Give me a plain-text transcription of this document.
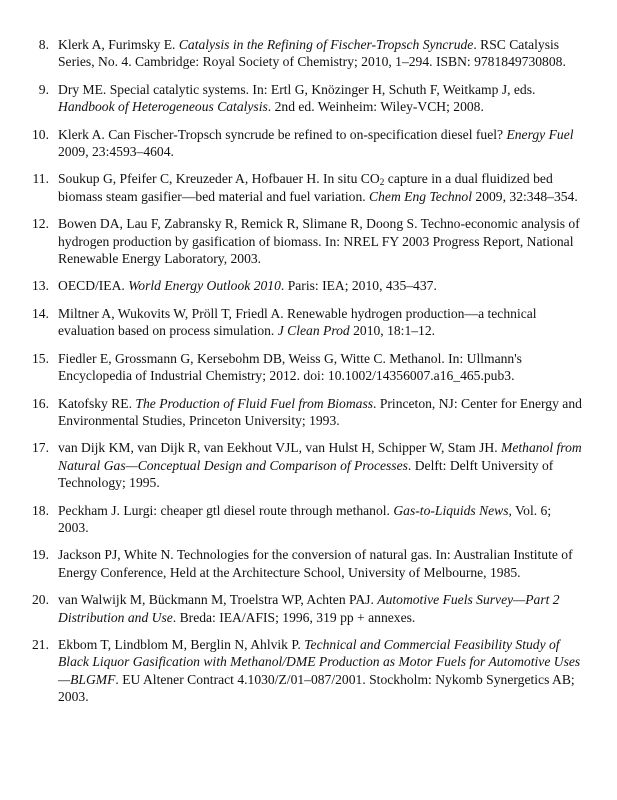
8. Klerk A, Furimsky E. Catalysis in the Refining of Fischer-Tropsch Syncrude. RSC Catalysis Series, No. 4. Cambridge: Royal Society of Chemistry; 2010, 1–294. ISBN: 9781849730808.
9. Dry ME. Special catalytic systems. In: Ertl G, Knözinger H, Schuth F, Weitkamp J, eds. Handbook of Heterogeneous Catalysis. 2nd ed. Weinheim: Wiley-VCH; 2008.
10. Klerk A. Can Fischer-Tropsch syncrude be refined to on-specification diesel fuel? Energy Fuel 2009, 23:4593–4604.
11. Soukup G, Pfeifer C, Kreuzeder A, Hofbauer H. In situ $CO_2$ capture in a dual fluidized bed biomass steam gasifier—bed material and fuel variation. Chem Eng Technol 2009, 32:348–354.
12. Bowen DA, Lau F, Zabransky R, Remick R, Slimane R, Doong S. Techno-economic analysis of hydrogen production by gasification of biomass. In: NREL FY 2003 Progress Report, National Renewable Energy Laboratory, 2003.
13. OECD/IEA. World Energy Outlook 2010. Paris: IEA; 2010, 435–437.
14. Miltner A, Wukovits W, Pröll T, Friedl A. Renewable hydrogen production—a technical evaluation based on process simulation. J Clean Prod 2010, 18:1–12.
15. Fiedler E, Grossmann G, Kersebohm DB, Weiss G, Witte C. Methanol. In: Ullmann's Encyclopedia of Industrial Chemistry; 2012. doi: 10.1002/14356007.a16_465.pub3.
16. Katofsky RE. The Production of Fluid Fuel from Biomass. Princeton, NJ: Center for Energy and Environmental Studies, Princeton University; 1993.
17. van Dijk KM, van Dijk R, van Eekhout VJL, van Hulst H, Schipper W, Stam JH. Methanol from Natural Gas—Conceptual Design and Comparison of Processes. Delft: Delft University of Technology; 1995.
18. Peckham J. Lurgi: cheaper gtl diesel route through methanol. Gas-to-Liquids News, Vol. 6; 2003.
19. Jackson PJ, White N. Technologies for the conversion of natural gas. In: Australian Institute of Energy Conference, Held at the Architecture School, University of Melbourne, 1985.
20. van Walwijk M, Bückmann M, Troelstra WP, Achten PAJ. Automotive Fuels Survey—Part 2 Distribution and Use. Breda: IEA/AFIS; 1996, 319 pp + annexes.
21. Ekbom T, Lindblom M, Berglin N, Ahlvik P. Technical and Commercial Feasibility Study of Black Liquor Gasification with Methanol/DME Production as Motor Fuels for Automotive Uses—BLGMF. EU Altener Contract 4.1030/Z/01–087/2001. Stockholm: Nykomb Synergetics AB; 2003.
